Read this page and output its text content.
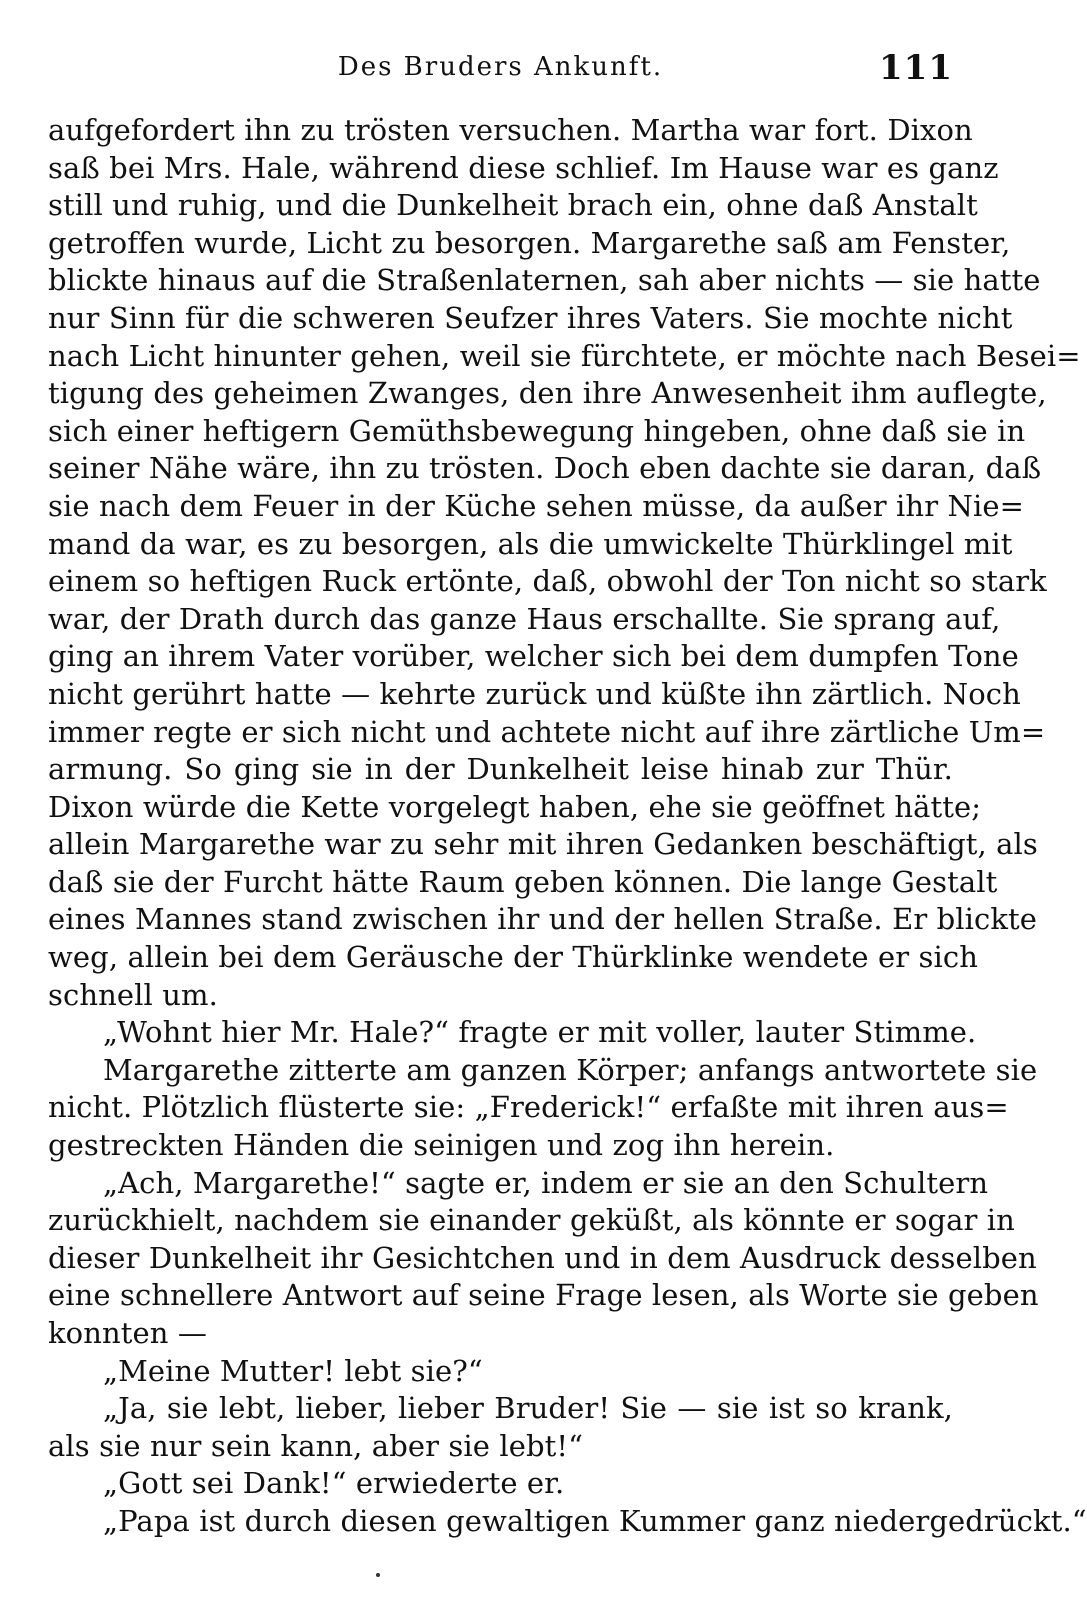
Des Bruders Ankunft.	111
aufgefordert ihn zu trösten versuchen. Martha war fort. Dixon
saß bei Mrs. Hale, während diese schlief. Im Hause war es ganz
still und ruhig, und die Dunkelheit brach ein, ohne daß Anstalt
getroffen wurde, Licht zu besorgen. Margarethe saß am Fenster,
blickte hinaus auf die Straßenlaternen, sah aber nichts — sie hatte
nur Sinn für die schweren Seufzer ihres Vaters. Sie mochte nicht
nach Licht hinunter gehen, weil sie fürchtete, er möchte nach Besei=
tigung des geheimen Zwanges, den ihre Anwesenheit ihm auflegte,
sich einer heftigern Gemüthsbewegung hingeben, ohne daß sie in
seiner Nähe wäre, ihn zu trösten. Doch eben dachte sie daran, daß
sie nach dem Feuer in der Küche sehen müsse, da außer ihr Nie=
mand da war, es zu besorgen, als die umwickelte Thürklingel mit
einem so heftigen Ruck ertönte, daß, obwohl der Ton nicht so stark
war, der Drath durch das ganze Haus erschallte. Sie sprang auf,
ging an ihrem Vater vorüber, welcher sich bei dem dumpfen Tone
nicht gerührt hatte — kehrte zurück und küßte ihn zärtlich. Noch
immer regte er sich nicht und achtete nicht auf ihre zärtliche Um=
armung. So ging sie in der Dunkelheit leise hinab zur Thür.
Dixon würde die Kette vorgelegt haben, ehe sie geöffnet hätte;
allein Margarethe war zu sehr mit ihren Gedanken beschäftigt, als
daß sie der Furcht hätte Raum geben können. Die lange Gestalt
eines Mannes stand zwischen ihr und der hellen Straße. Er blickte
weg, allein bei dem Geräusche der Thürklinke wendete er sich
schnell um.
„Wohnt hier Mr. Hale?“ fragte er mit voller, lauter Stimme.
Margarethe zitterte am ganzen Körper; anfangs antwortete sie
nicht. Plötzlich flüsterte sie: „Frederick!“ erfaßte mit ihren aus=
gestreckten Händen die seinigen und zog ihn herein.
„Ach, Margarethe!“ sagte er, indem er sie an den Schultern
zurückhielt, nachdem sie einander geküßt, als könnte er sogar in
dieser Dunkelheit ihr Gesichtchen und in dem Ausdruck desselben
eine schnellere Antwort auf seine Frage lesen, als Worte sie geben
konnten —
„Meine Mutter! lebt sie?“
„Ja, sie lebt, lieber, lieber Bruder! Sie — sie ist so krank,
als sie nur sein kann, aber sie lebt!“
„Gott sei Dank!“ erwiederte er.
„Papa ist durch diesen gewaltigen Kummer ganz niedergedrückt.“
